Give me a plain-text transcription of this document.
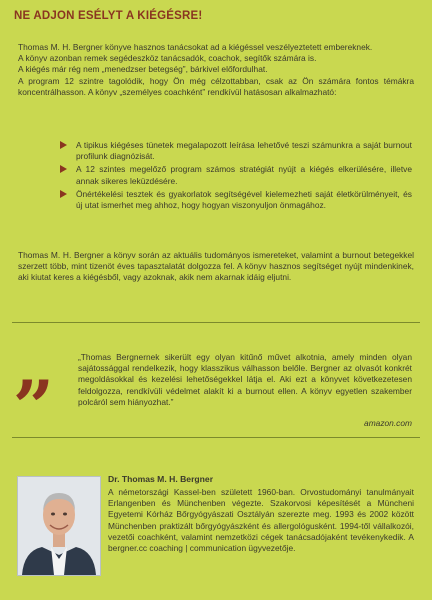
NE ADJON ESÉLYT A KIÉGÉSRE!

Thomas M. H. Bergner könyve hasznos tanácsokat ad a kiégéssel veszélyeztetett embereknek.

A könyv azonban remek segédeszköz tanácsadók, coachok, segítők számára is.

A kiégés már rég nem „menedzser betegség”, bárkivel előfordulhat.

A program 12 szintre tagolódik, hogy Ön még célzottabban, csak az Ön számára fontos témákra koncentrálhasson. A könyv „személyes coachként” rendkívül hatásosan alkalmazható:

A tipikus kiégéses tünetek megalapozott leírása lehetővé teszi számunkra a saját burnout profilunk diagnózisát.
A 12 szintes megelőző program számos stratégiát nyújt a kiégés elkerülésére, illetve annak sikeres leküzdésére.
Önértékelési tesztek és gyakorlatok segítségével kielemezheti saját életkörülményeit, és új utat ismerhet meg ahhoz, hogy hogyan viszonyuljon önmagához.

Thomas M. H. Bergner a könyv során az aktuális tudományos ismereteket, valamint a burnout betegekkel szerzett több, mint tizenöt éves tapasztalatát dolgozza fel. A könyv hasznos segítséget nyújt mindenkinek, aki kiutat keres a kiégésből, vagy azoknak, akik nem akarnak idáig eljutni.

„	„Thomas Bergnernek sikerült egy olyan kitűnő művet alkotnia, amely minden olyan sajátossággal rendelkezik, hogy klasszikus válhasson belőle. Bergner az olvasót konkrét megoldásokkal és kezelési lehetőségekkel látja el. Aki ezt a könyvet következetesen feldolgozza, rendkívüli védelmet alakít ki a burnout ellen. A könyv egyetlen szakember polcáról sem hiányozhat.”

amazon.com
Dr. Thomas M. H. Bergner

A németországi Kassel-ben született 1960-ban. Orvostudományi tanulmányait Erlangenben és Münchenben végezte. Szakorvosi képesítését a Müncheni Egyetemi Kórház Bőrgyógyászati Osztályán szerezte meg. 1993 és 2002 között Münchenben praktizált bőrgyógyászként és allergológusként. 1994-től vállalkozói, vezetői coachként, valamint nemzetközi cégek tanácsadójaként tevékenykedik. A bergner.cc coaching | communication ügyvezetője.
